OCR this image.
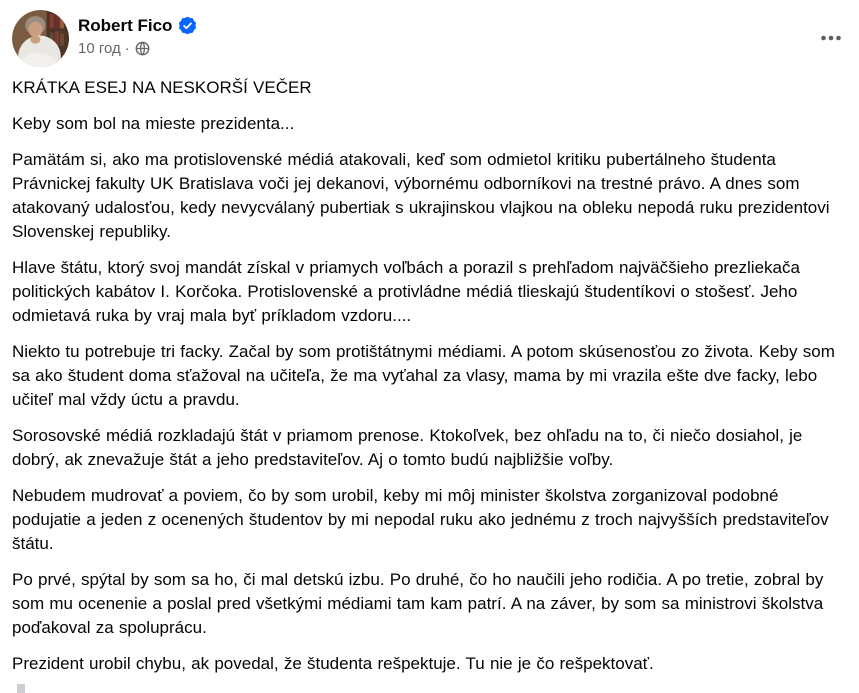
Robert Fico
10 год ·

KRÁTKA ESEJ NA NESKORŠÍ VEČER

Keby som bol na mieste prezidenta...

Pamätám si, ako ma protislovenské médiá atakovali, keď som odmietol kritiku pubertálneho študenta Právnickej fakulty UK Bratislava voči jej dekanovi, výbornému odborníkovi na trestné právo. A dnes som atakovaný udalosťou, kedy nevycválaný pubertiak s ukrajinskou vlajkou na obleku nepodá ruku prezidentovi Slovenskej republiky.

Hlave štátu, ktorý svoj mandát získal v priamych voľbách a porazil s prehľadom najväčšieho prezliekača politických kabátov I. Korčoka. Protislovenské a protivládne médiá tlieskajú študentíkovi o stošesť. Jeho odmietavá ruka by vraj mala byť príkladom vzdoru....

Niekto tu potrebuje tri facky. Začal by som protištátnymi médiami. A potom skúsenosťou zo života. Keby som sa ako študent doma sťažoval na učiteľa, že ma vyťahal za vlasy, mama by mi vrazila ešte dve facky, lebo učiteľ mal vždy úctu a pravdu.

Sorosovské médiá rozkladajú štát v priamom prenose. Ktokoľvek, bez ohľadu na to, či niečo dosiahol, je dobrý, ak znevažuje štát a jeho predstaviteľov. Aj o tomto budú najbližšie voľby.

Nebudem mudrovať a poviem, čo by som urobil, keby mi môj minister školstva zorganizoval podobné podujatie a jeden z ocenených študentov by mi nepodal ruku ako jednému z troch najvyšších predstaviteľov štátu.

Po prvé, spýtal by som sa ho, či mal detskú izbu. Po druhé, čo ho naučili jeho rodičia. A po tretie, zobral by som mu ocenenie a poslal pred všetkými médiami tam kam patrí. A na záver, by som sa ministrovi školstva poďakoval za spoluprácu.

Prezident urobil chybu, ak povedal, že študenta rešpektuje. Tu nie je čo rešpektovať.
